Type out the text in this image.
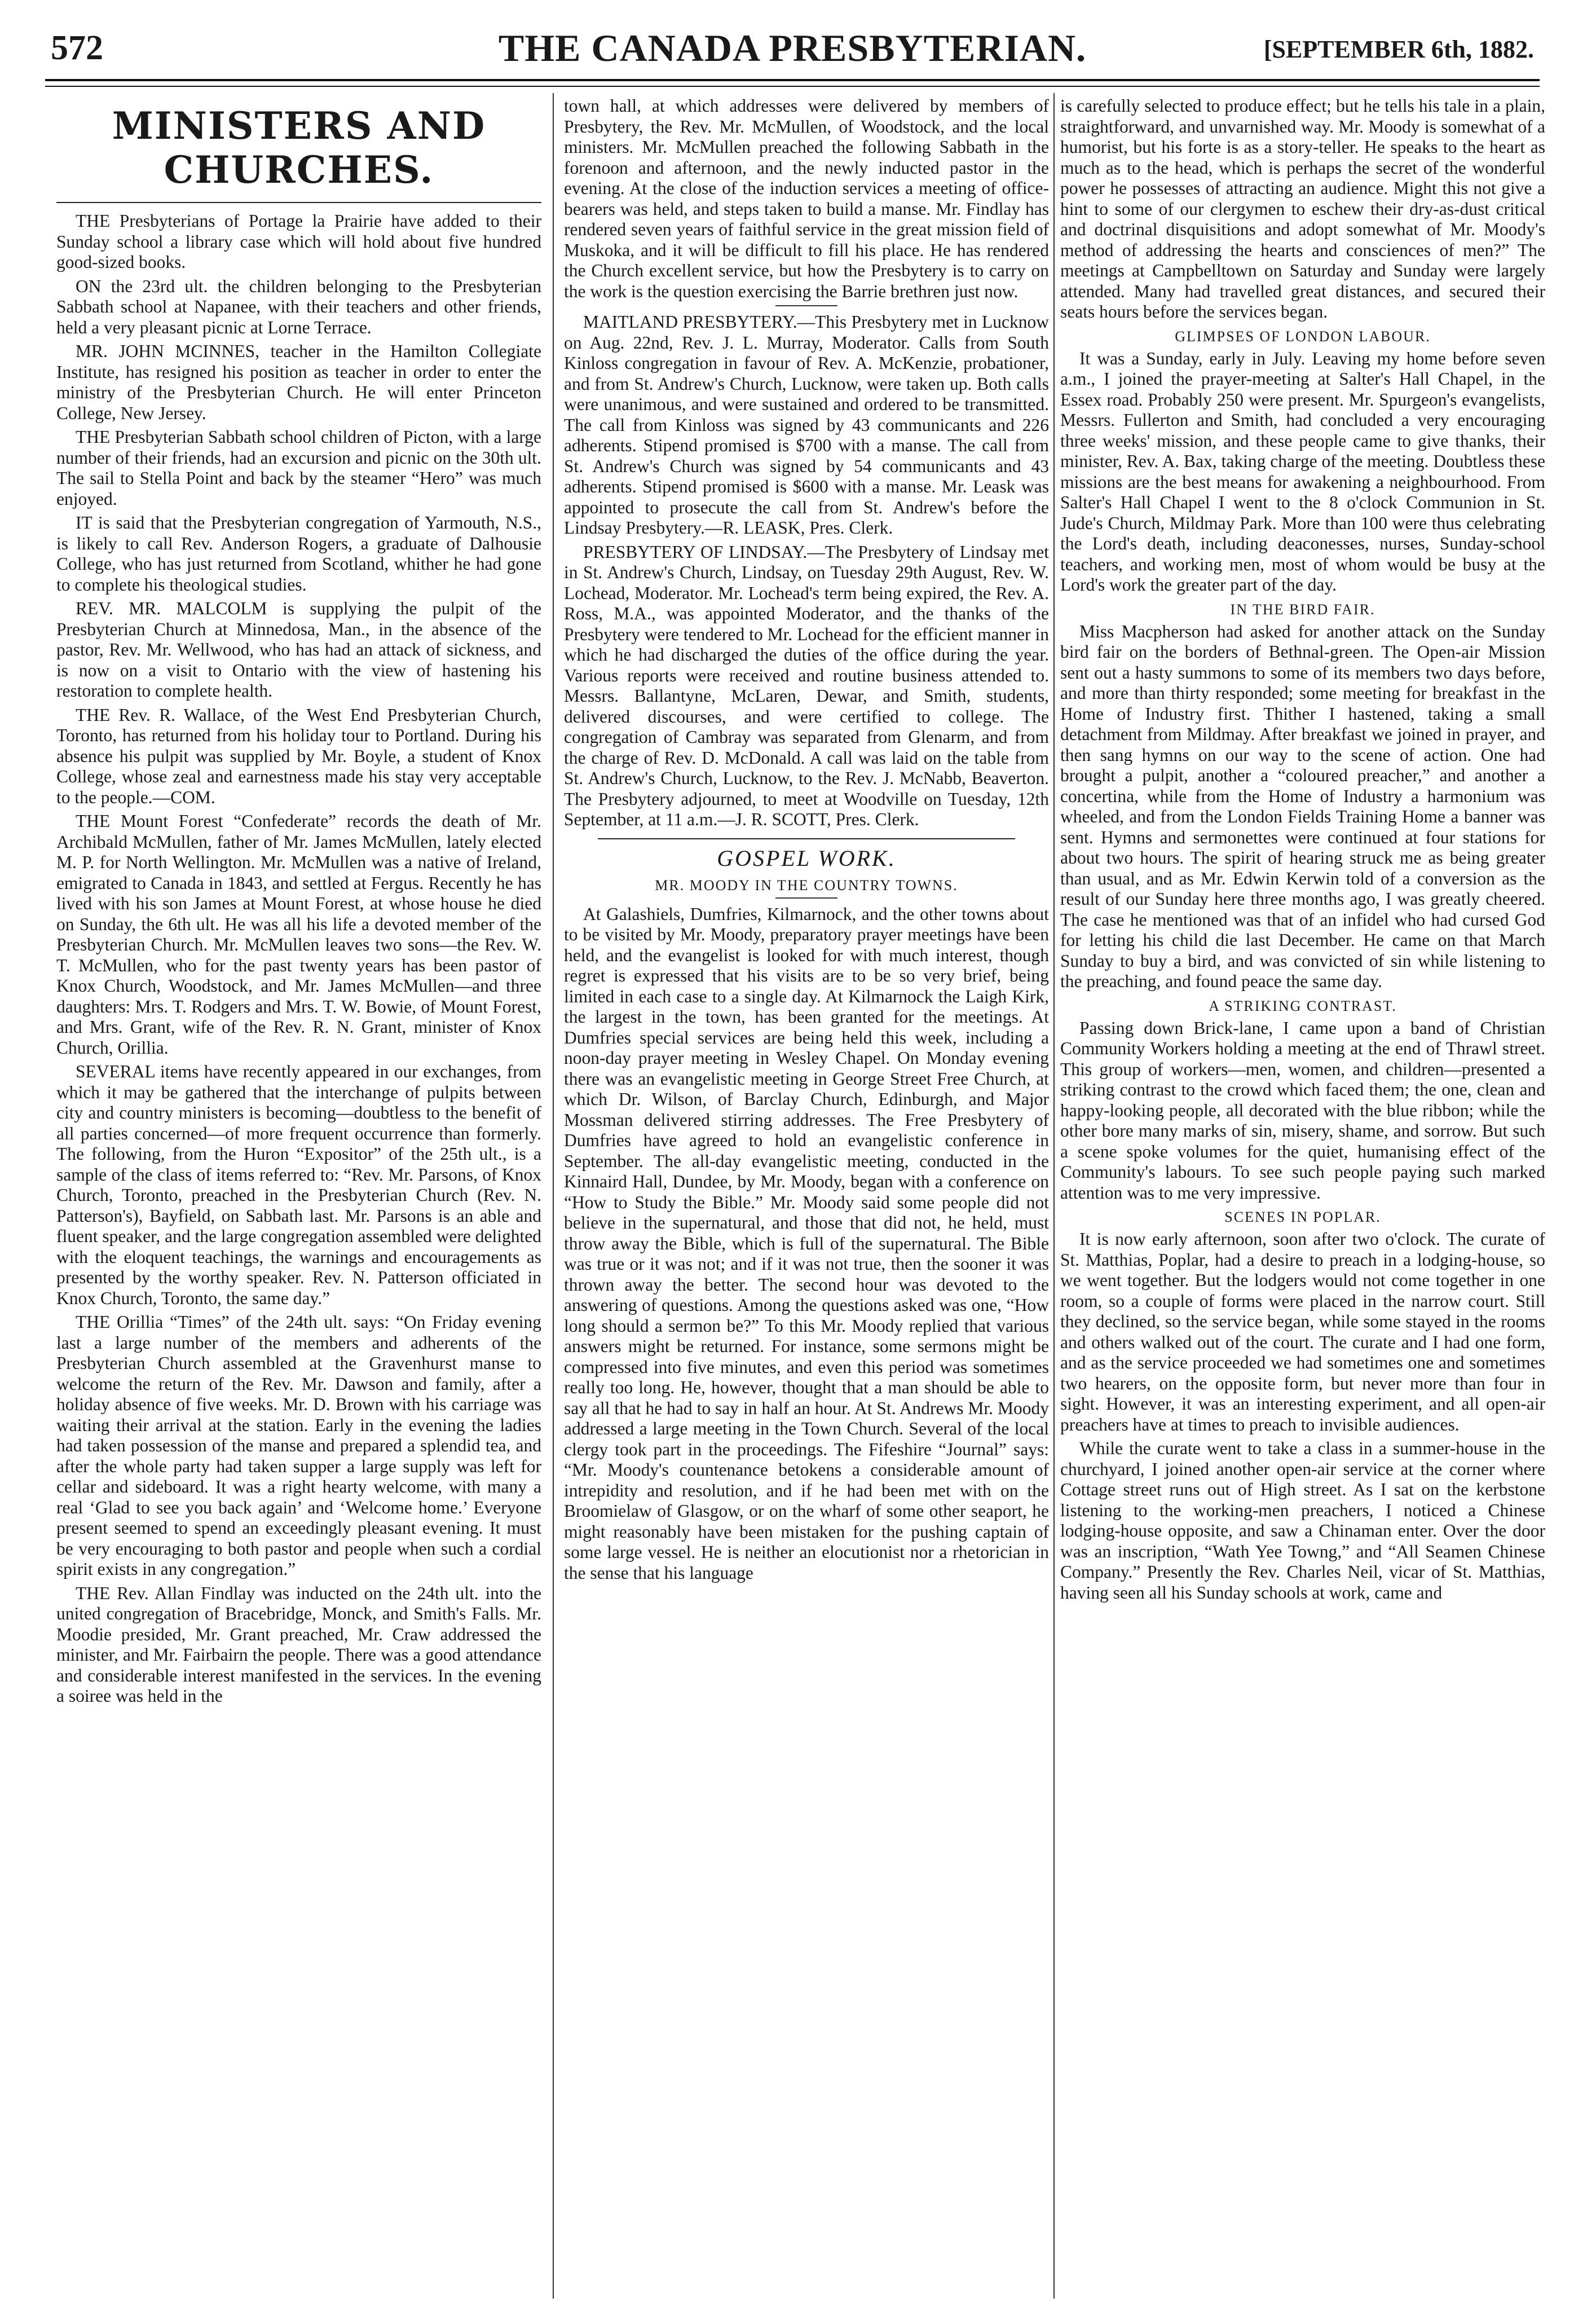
572	THE CANADA PRESBYTERIAN.	[SEPTEMBER 6th, 1882.
MINISTERS AND CHURCHES.

THE Presbyterians of Portage la Prairie have added to their Sunday school a library case which will hold about five hundred good-sized books.

ON the 23rd ult. the children belonging to the Presbyterian Sabbath school at Napanee, with their teachers and other friends, held a very pleasant picnic at Lorne Terrace.

MR. JOHN MCINNES, teacher in the Hamilton Collegiate Institute, has resigned his position as teacher in order to enter the ministry of the Presbyterian Church. He will enter Princeton College, New Jersey.

THE Presbyterian Sabbath school children of Picton, with a large number of their friends, had an excursion and picnic on the 30th ult. The sail to Stella Point and back by the steamer “Hero” was much enjoyed.

IT is said that the Presbyterian congregation of Yarmouth, N.S., is likely to call Rev. Anderson Rogers, a graduate of Dalhousie College, who has just returned from Scotland, whither he had gone to complete his theological studies.

REV. MR. MALCOLM is supplying the pulpit of the Presbyterian Church at Minnedosa, Man., in the absence of the pastor, Rev. Mr. Wellwood, who has had an attack of sickness, and is now on a visit to Ontario with the view of hastening his restoration to complete health.

THE Rev. R. Wallace, of the West End Presbyterian Church, Toronto, has returned from his holiday tour to Portland. During his absence his pulpit was supplied by Mr. Boyle, a student of Knox College, whose zeal and earnestness made his stay very acceptable to the people.—COM.

THE Mount Forest “Confederate” records the death of Mr. Archibald McMullen, father of Mr. James McMullen, lately elected M. P. for North Wellington. Mr. McMullen was a native of Ireland, emigrated to Canada in 1843, and settled at Fergus. Recently he has lived with his son James at Mount Forest, at whose house he died on Sunday, the 6th ult. He was all his life a devoted member of the Presbyterian Church. Mr. McMullen leaves two sons—the Rev. W. T. McMullen, who for the past twenty years has been pastor of Knox Church, Woodstock, and Mr. James McMullen—and three daughters: Mrs. T. Rodgers and Mrs. T. W. Bowie, of Mount Forest, and Mrs. Grant, wife of the Rev. R. N. Grant, minister of Knox Church, Orillia.

SEVERAL items have recently appeared in our exchanges, from which it may be gathered that the interchange of pulpits between city and country ministers is becoming—doubtless to the benefit of all parties concerned—of more frequent occurrence than formerly. The following, from the Huron “Expositor” of the 25th ult., is a sample of the class of items referred to: “Rev. Mr. Parsons, of Knox Church, Toronto, preached in the Presbyterian Church (Rev. N. Patterson's), Bayfield, on Sabbath last. Mr. Parsons is an able and fluent speaker, and the large congregation assembled were delighted with the eloquent teachings, the warnings and encouragements as presented by the worthy speaker. Rev. N. Patterson officiated in Knox Church, Toronto, the same day.”

THE Orillia “Times” of the 24th ult. says: “On Friday evening last a large number of the members and adherents of the Presbyterian Church assembled at the Gravenhurst manse to welcome the return of the Rev. Mr. Dawson and family, after a holiday absence of five weeks. Mr. D. Brown with his carriage was waiting their arrival at the station. Early in the evening the ladies had taken possession of the manse and prepared a splendid tea, and after the whole party had taken supper a large supply was left for cellar and sideboard. It was a right hearty welcome, with many a real ‘Glad to see you back again’ and ‘Welcome home.’ Everyone present seemed to spend an exceedingly pleasant evening. It must be very encouraging to both pastor and people when such a cordial spirit exists in any congregation.”

THE Rev. Allan Findlay was inducted on the 24th ult. into the united congregation of Bracebridge, Monck, and Smith's Falls. Mr. Moodie presided, Mr. Grant preached, Mr. Craw addressed the minister, and Mr. Fairbairn the people. There was a good attendance and considerable interest manifested in the services. In the evening a soiree was held in the

town hall, at which addresses were delivered by members of Presbytery, the Rev. Mr. McMullen, of Woodstock, and the local ministers. Mr. McMullen preached the following Sabbath in the forenoon and afternoon, and the newly inducted pastor in the evening. At the close of the induction services a meeting of office-bearers was held, and steps taken to build a manse. Mr. Findlay has rendered seven years of faithful service in the great mission field of Muskoka, and it will be difficult to fill his place. He has rendered the Church excellent service, but how the Presbytery is to carry on the work is the question exercising the Barrie brethren just now.

MAITLAND PRESBYTERY.—This Presbytery met in Lucknow on Aug. 22nd, Rev. J. L. Murray, Moderator. Calls from South Kinloss congregation in favour of Rev. A. McKenzie, probationer, and from St. Andrew's Church, Lucknow, were taken up. Both calls were unanimous, and were sustained and ordered to be transmitted. The call from Kinloss was signed by 43 communicants and 226 adherents. Stipend promised is $700 with a manse. The call from St. Andrew's Church was signed by 54 communicants and 43 adherents. Stipend promised is $600 with a manse. Mr. Leask was appointed to prosecute the call from St. Andrew's before the Lindsay Presbytery.—R. LEASK, Pres. Clerk.

PRESBYTERY OF LINDSAY.—The Presbytery of Lindsay met in St. Andrew's Church, Lindsay, on Tuesday 29th August, Rev. W. Lochead, Moderator. Mr. Lochead's term being expired, the Rev. A. Ross, M.A., was appointed Moderator, and the thanks of the Presbytery were tendered to Mr. Lochead for the efficient manner in which he had discharged the duties of the office during the year. Various reports were received and routine business attended to. Messrs. Ballantyne, McLaren, Dewar, and Smith, students, delivered discourses, and were certified to college. The congregation of Cambray was separated from Glenarm, and from the charge of Rev. D. McDonald. A call was laid on the table from St. Andrew's Church, Lucknow, to the Rev. J. McNabb, Beaverton. The Presbytery adjourned, to meet at Woodville on Tuesday, 12th September, at 11 a.m.—J. R. SCOTT, Pres. Clerk.

GOSPEL WORK.
MR. MOODY IN THE COUNTRY TOWNS.

At Galashiels, Dumfries, Kilmarnock, and the other towns about to be visited by Mr. Moody, preparatory prayer meetings have been held, and the evangelist is looked for with much interest, though regret is expressed that his visits are to be so very brief, being limited in each case to a single day. At Kilmarnock the Laigh Kirk, the largest in the town, has been granted for the meetings. At Dumfries special services are being held this week, including a noon-day prayer meeting in Wesley Chapel. On Monday evening there was an evangelistic meeting in George Street Free Church, at which Dr. Wilson, of Barclay Church, Edinburgh, and Major Mossman delivered stirring addresses. The Free Presbytery of Dumfries have agreed to hold an evangelistic conference in September. The all-day evangelistic meeting, conducted in the Kinnaird Hall, Dundee, by Mr. Moody, began with a conference on “How to Study the Bible.” Mr. Moody said some people did not believe in the supernatural, and those that did not, he held, must throw away the Bible, which is full of the supernatural. The Bible was true or it was not; and if it was not true, then the sooner it was thrown away the better. The second hour was devoted to the answering of questions. Among the questions asked was one, “How long should a sermon be?” To this Mr. Moody replied that various answers might be returned. For instance, some sermons might be compressed into five minutes, and even this period was sometimes really too long. He, however, thought that a man should be able to say all that he had to say in half an hour. At St. Andrews Mr. Moody addressed a large meeting in the Town Church. Several of the local clergy took part in the proceedings. The Fifeshire “Journal” says: “Mr. Moody's countenance betokens a considerable amount of intrepidity and resolution, and if he had been met with on the Broomielaw of Glasgow, or on the wharf of some other seaport, he might reasonably have been mistaken for the pushing captain of some large vessel. He is neither an elocutionist nor a rhetorician in the sense that his language

is carefully selected to produce effect; but he tells his tale in a plain, straightforward, and unvarnished way. Mr. Moody is somewhat of a humorist, but his forte is as a story-teller. He speaks to the heart as much as to the head, which is perhaps the secret of the wonderful power he possesses of attracting an audience. Might this not give a hint to some of our clergymen to eschew their dry-as-dust critical and doctrinal disquisitions and adopt somewhat of Mr. Moody's method of addressing the hearts and consciences of men?” The meetings at Campbelltown on Saturday and Sunday were largely attended. Many had travelled great distances, and secured their seats hours before the services began.

GLIMPSES OF LONDON LABOUR.

It was a Sunday, early in July. Leaving my home before seven a.m., I joined the prayer-meeting at Salter's Hall Chapel, in the Essex road. Probably 250 were present. Mr. Spurgeon's evangelists, Messrs. Fullerton and Smith, had concluded a very encouraging three weeks' mission, and these people came to give thanks, their minister, Rev. A. Bax, taking charge of the meeting. Doubtless these missions are the best means for awakening a neighbourhood. From Salter's Hall Chapel I went to the 8 o'clock Communion in St. Jude's Church, Mildmay Park. More than 100 were thus celebrating the Lord's death, including deaconesses, nurses, Sunday-school teachers, and working men, most of whom would be busy at the Lord's work the greater part of the day.

IN THE BIRD FAIR.

Miss Macpherson had asked for another attack on the Sunday bird fair on the borders of Bethnal-green. The Open-air Mission sent out a hasty summons to some of its members two days before, and more than thirty responded; some meeting for breakfast in the Home of Industry first. Thither I hastened, taking a small detachment from Mildmay. After breakfast we joined in prayer, and then sang hymns on our way to the scene of action. One had brought a pulpit, another a “coloured preacher,” and another a concertina, while from the Home of Industry a harmonium was wheeled, and from the London Fields Training Home a banner was sent. Hymns and sermonettes were continued at four stations for about two hours. The spirit of hearing struck me as being greater than usual, and as Mr. Edwin Kerwin told of a conversion as the result of our Sunday here three months ago, I was greatly cheered. The case he mentioned was that of an infidel who had cursed God for letting his child die last December. He came on that March Sunday to buy a bird, and was convicted of sin while listening to the preaching, and found peace the same day.

A STRIKING CONTRAST.

Passing down Brick-lane, I came upon a band of Christian Community Workers holding a meeting at the end of Thrawl street. This group of workers—men, women, and children—presented a striking contrast to the crowd which faced them; the one, clean and happy-looking people, all decorated with the blue ribbon; while the other bore many marks of sin, misery, shame, and sorrow. But such a scene spoke volumes for the quiet, humanising effect of the Community's labours. To see such people paying such marked attention was to me very impressive.

SCENES IN POPLAR.

It is now early afternoon, soon after two o'clock. The curate of St. Matthias, Poplar, had a desire to preach in a lodging-house, so we went together. But the lodgers would not come together in one room, so a couple of forms were placed in the narrow court. Still they declined, so the service began, while some stayed in the rooms and others walked out of the court. The curate and I had one form, and as the service proceeded we had sometimes one and sometimes two hearers, on the opposite form, but never more than four in sight. However, it was an interesting experiment, and all open-air preachers have at times to preach to invisible audiences.

While the curate went to take a class in a summer-house in the churchyard, I joined another open-air service at the corner where Cottage street runs out of High street. As I sat on the kerbstone listening to the working-men preachers, I noticed a Chinese lodging-house opposite, and saw a Chinaman enter. Over the door was an inscription, “Wath Yee Towng,” and “All Seamen Chinese Company.” Presently the Rev. Charles Neil, vicar of St. Matthias, having seen all his Sunday schools at work, came and
